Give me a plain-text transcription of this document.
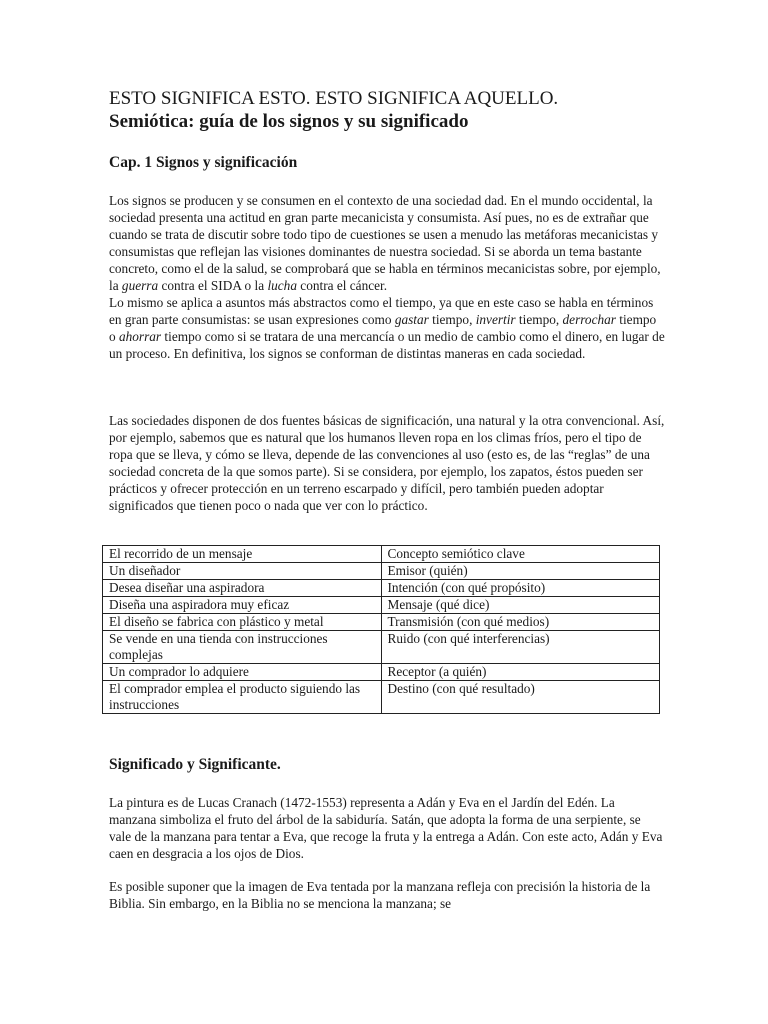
ESTO SIGNIFICA ESTO. ESTO SIGNIFICA AQUELLO.
Semiótica: guía de los signos y su significado
Cap. 1 Signos y significación

Los signos se producen y se consumen en el contexto de una sociedad dad. En el mundo occidental, la sociedad presenta una actitud en gran parte mecanicista y consumista. Así pues, no es de extrañar que cuando se trata de discutir sobre todo tipo de cuestiones se usen a menudo las metáforas mecanicistas y consumistas que reflejan las visiones dominantes de nuestra sociedad. Si se aborda un tema bastante concreto, como el de la salud, se comprobará que se habla en términos mecanicistas sobre, por ejemplo, la guerra contra el SIDA o la lucha contra el cáncer.
Lo mismo se aplica a asuntos más abstractos como el tiempo, ya que en este caso se habla en términos en gran parte consumistas: se usan expresiones como gastar tiempo, invertir tiempo, derrochar tiempo o ahorrar tiempo como si se tratara de una mercancía o un medio de cambio como el dinero, en lugar de un proceso. En definitiva, los signos se conforman de distintas maneras en cada sociedad.

Las sociedades disponen de dos fuentes básicas de significación, una natural y la otra convencional. Así, por ejemplo, sabemos que es natural que los humanos lleven ropa en los climas fríos, pero el tipo de ropa que se lleva, y cómo se lleva, depende de las convenciones al uso (esto es, de las “reglas” de una sociedad concreta de la que somos parte). Si se considera, por ejemplo, los zapatos, éstos pueden ser prácticos y ofrecer protección en un terreno escarpado y difícil, pero también pueden adoptar significados que tienen poco o nada que ver con lo práctico.

El recorrido de un mensaje	Concepto semiótico clave
Un diseñador	Emisor (quién)
Desea diseñar una aspiradora	Intención (con qué propósito)
Diseña una aspiradora muy eficaz	Mensaje (qué dice)
El diseño se fabrica con plástico y metal	Transmisión (con qué medios)
Se vende en una tienda con instrucciones complejas	Ruido (con qué interferencias)
Un comprador lo adquiere	Receptor (a quién)
El comprador emplea el producto siguiendo las instrucciones	Destino (con qué resultado)
Significado y Significante.

La pintura es de Lucas Cranach (1472-1553) representa a Adán y Eva en el Jardín del Edén. La manzana simboliza el fruto del árbol de la sabiduría. Satán, que adopta la forma de una serpiente, se vale de la manzana para tentar a Eva, que recoge la fruta y la entrega a Adán. Con este acto, Adán y Eva caen en desgracia a los ojos de Dios.

Es posible suponer que la imagen de Eva tentada por la manzana refleja con precisión la historia de la Biblia. Sin embargo, en la Biblia no se menciona la manzana; se
